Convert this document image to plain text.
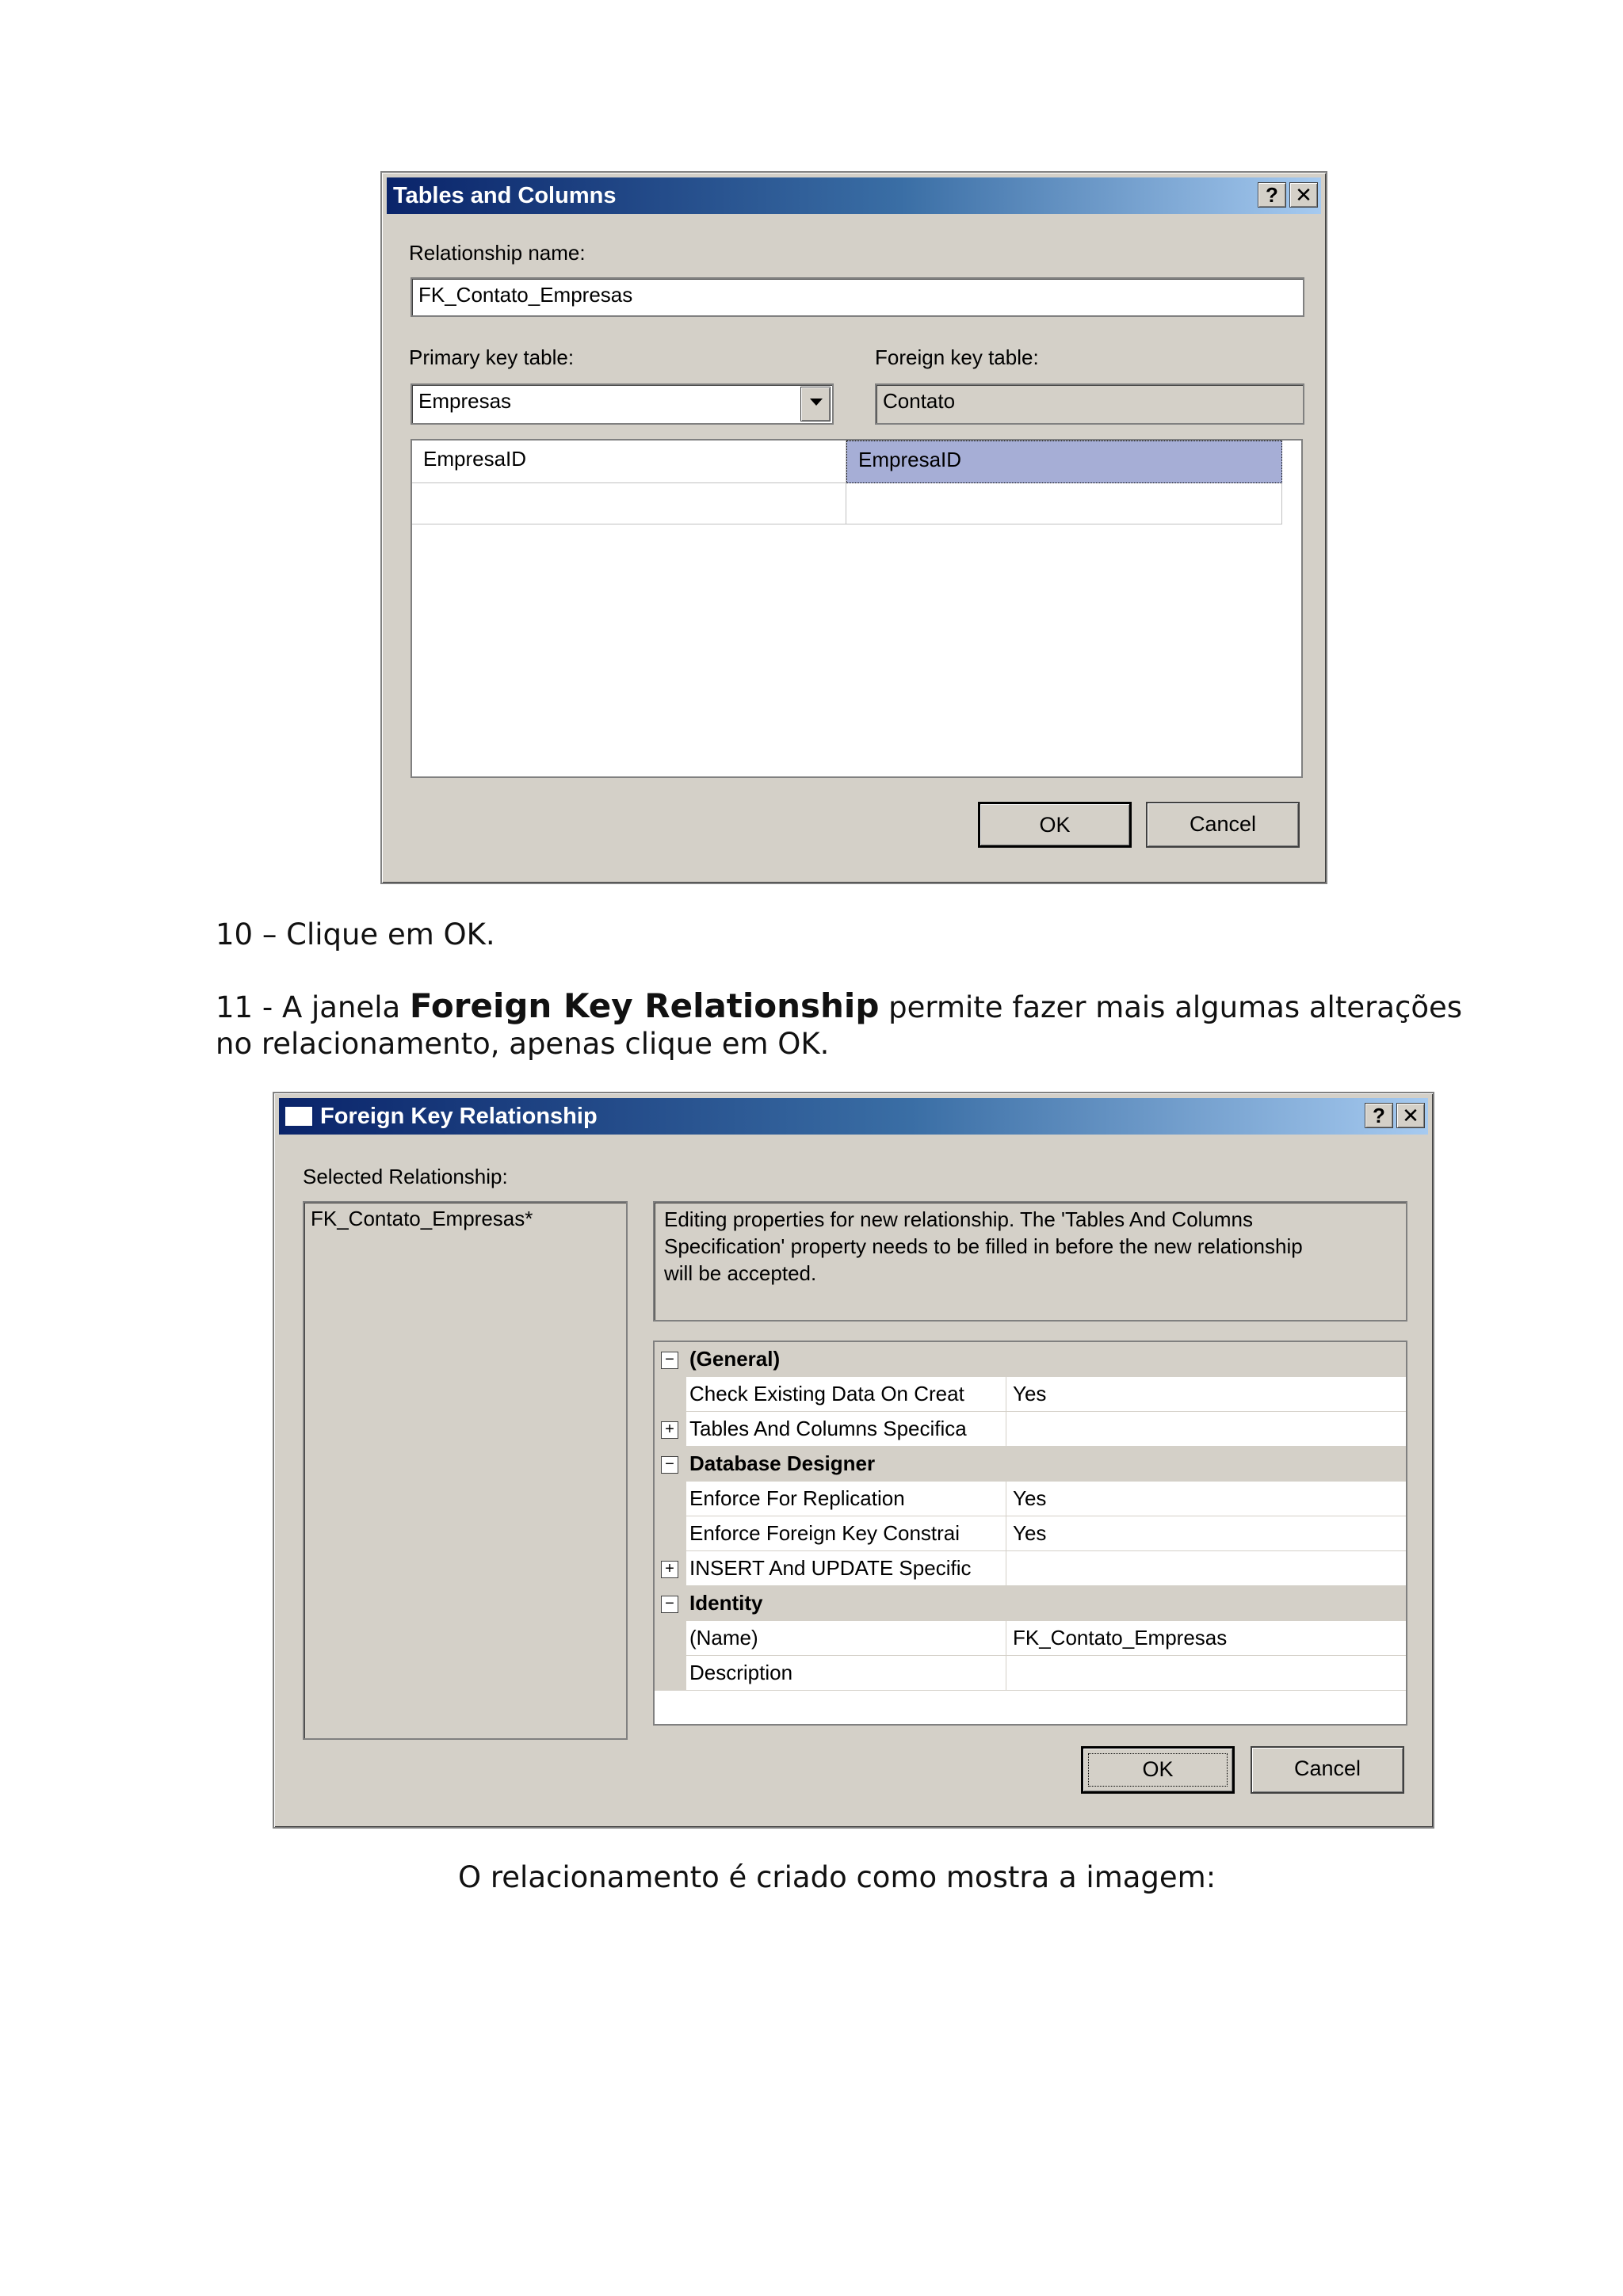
Tables and Columns	? ✕
Relationship name:
FK_Contato_Empresas
Primary key table:
Empresas
Foreign key table:
Contato
EmpresaID	EmpresaID
OK	Cancel
10 – Clique em OK.
11 - A janela Foreign Key Relationship permite fazer mais algumas alterações
no relacionamento, apenas clique em OK.
Foreign Key Relationship	? ✕
Selected Relationship:
FK_Contato_Empresas*	Editing properties for new relationship. The 'Tables And Columns
Specification' property needs to be filled in before the new relationship
will be accepted.
− (General)
Check Existing Data On Creat	Yes
+ Tables And Columns Specifica
− Database Designer
Enforce For Replication	Yes
Enforce Foreign Key Constrai	Yes
+ INSERT And UPDATE Specific
− Identity
(Name)	FK_Contato_Empresas
Description
OK	Cancel
O relacionamento é criado como mostra a imagem:
